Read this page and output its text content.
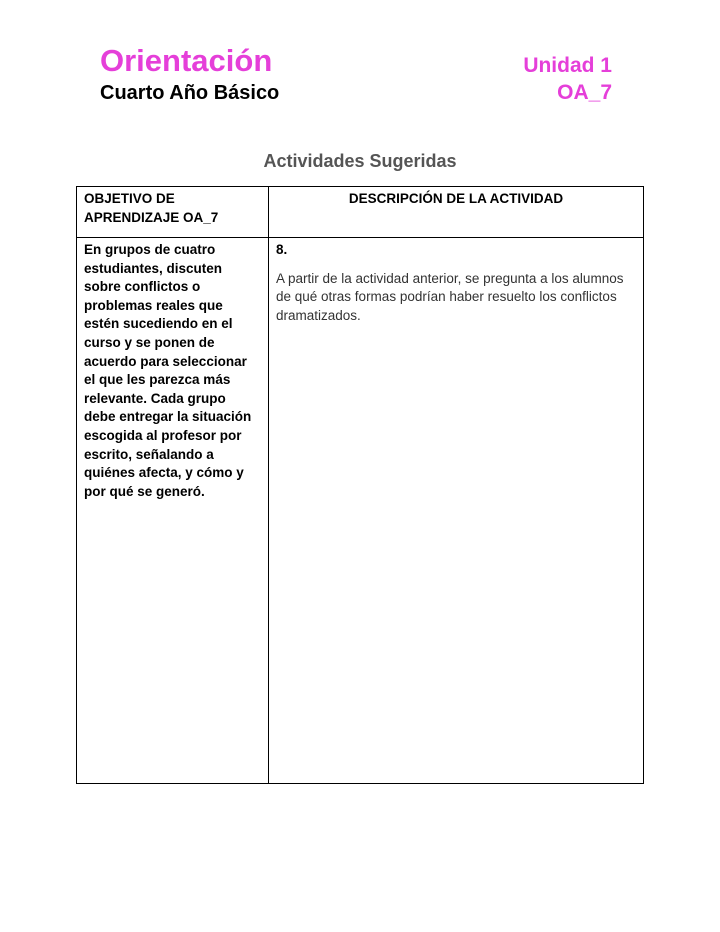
Orientación
Cuarto Año Básico
Unidad 1
OA_7
Actividades Sugeridas
OBJETIVO DE APRENDIZAJE OA_7	DESCRIPCIÓN DE LA ACTIVIDAD
En grupos de cuatro estudiantes, discuten sobre conflictos o problemas reales que estén sucediendo en el curso y se ponen de acuerdo para seleccionar el que les parezca más relevante. Cada grupo debe entregar la situación escogida al profesor por escrito, señalando a quiénes afecta, y cómo y por qué se generó.	8.

A partir de la actividad anterior, se pregunta a los alumnos de qué otras formas podrían haber resuelto los conflictos dramatizados.
